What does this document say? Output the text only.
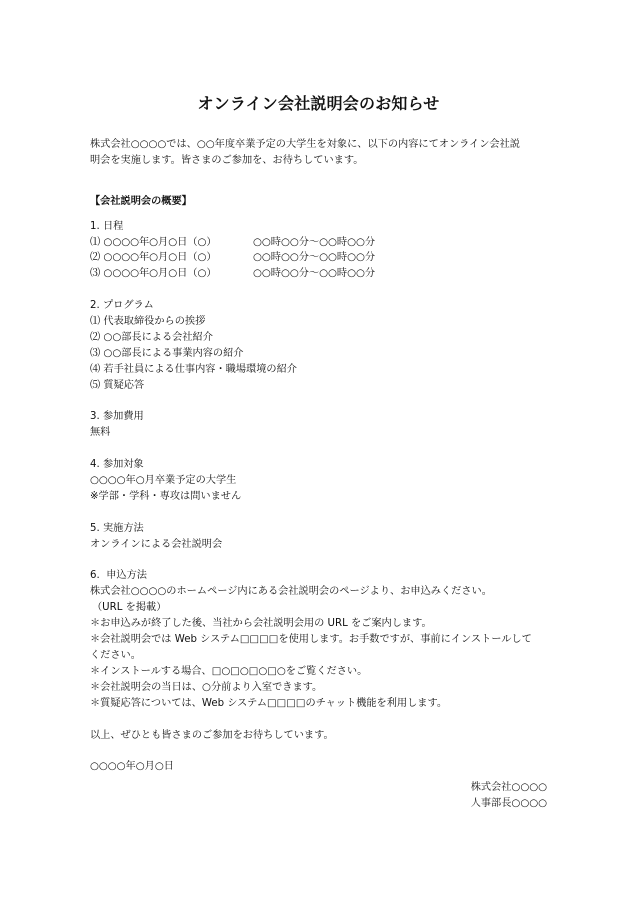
オンライン会社説明会のお知らせ

株式会社○○○○では、○○年度卒業予定の大学生を対象に、以下の内容にてオンライン会社説

明会を実施します。皆さまのご参加を、お待ちしています。

【会社説明会の概要】

1. 日程

⑴ ○○○○年○月○日（○）	○○時○○分～○○時○○分
⑵ ○○○○年○月○日（○）	○○時○○分～○○時○○分
⑶ ○○○○年○月○日（○）	○○時○○分～○○時○○分

2. プログラム

⑴ 代表取締役からの挨拶

⑵ ○○部長による会社紹介

⑶ ○○部長による事業内容の紹介

⑷ 若手社員による仕事内容・職場環境の紹介

⑸ 質疑応答

3. 参加費用

無料

4. 参加対象

○○○○年○月卒業予定の大学生

※学部・学科・専攻は問いません

5. 実施方法

オンラインによる会社説明会

6.  申込方法

株式会社○○○○のホームページ内にある会社説明会のページより、お申込みください。

（URL を掲載）

＊お申込みが終了した後、当社から会社説明会用の URL をご案内します。

＊会社説明会では Web システム□□□□を使用します。お手数ですが、事前にインストールして

ください。

＊インストールする場合、□○□○□○□○をご覧ください。

＊会社説明会の当日は、○分前より入室できます。

＊質疑応答については、Web システム□□□□のチャット機能を利用します。

以上、ぜひとも皆さまのご参加をお待ちしています。

○○○○年○月○日

株式会社○○○○

人事部長○○○○
